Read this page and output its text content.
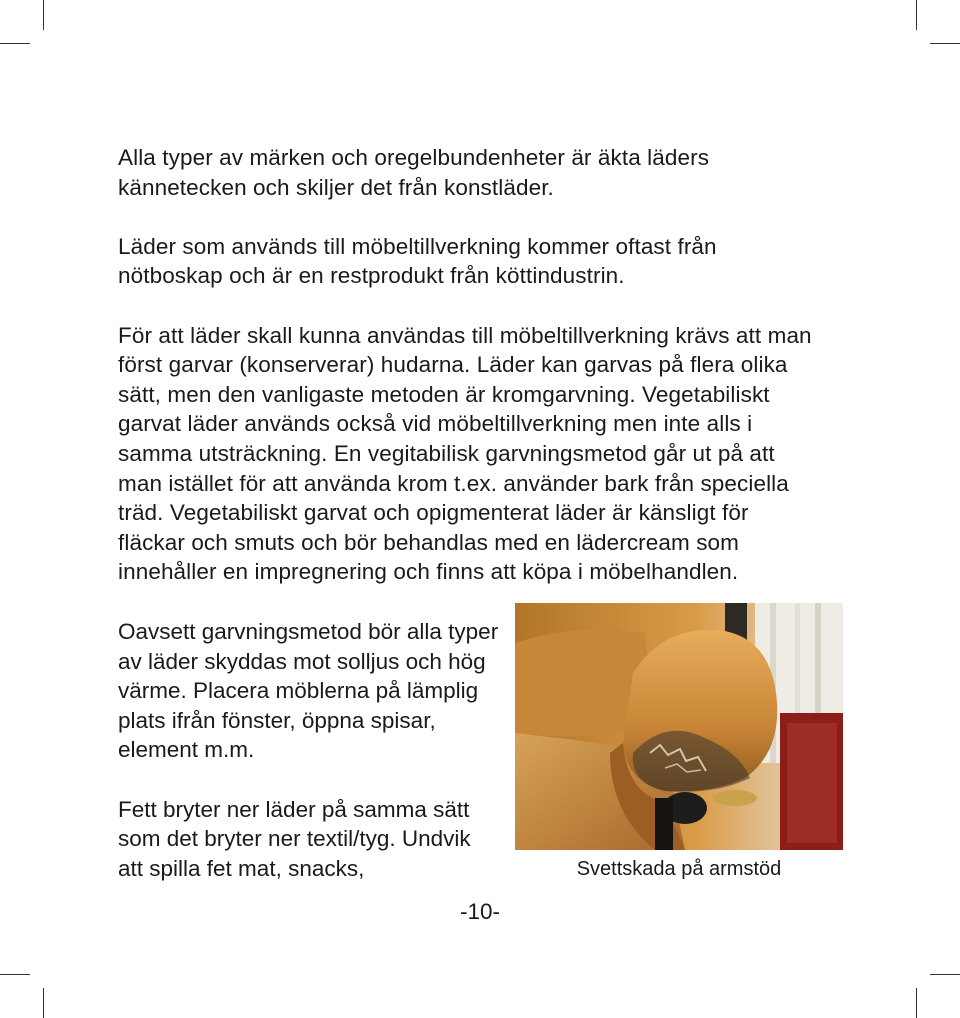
Alla typer av märken och oregelbundenheter är äkta läders kännetecken och skiljer det från konstläder.

Läder som används till möbeltillverkning kommer oftast från nötboskap och är en restprodukt från köttindustrin.

För att läder skall kunna användas till möbeltillverkning krävs att man först garvar (konserverar) hudarna. Läder kan garvas på flera olika sätt, men den vanligaste metoden är kromgarvning. Vegetabiliskt garvat läder används också vid möbeltillverkning men inte alls i samma utsträckning. En vegitabilisk garvningsmetod går ut på att man istället för att använda krom t.ex. använder bark från speciella träd. Vegetabiliskt garvat och opigmenterat läder är känsligt för fläckar och smuts och bör behandlas med en lädercream som innehåller en impregnering och finns att köpa i möbelhandlen.

Oavsett garvningsmetod bör alla typer av läder skyddas mot solljus och hög värme. Placera möblerna på lämplig plats ifrån fönster, öppna spisar, element m.m.

Fett bryter ner läder på samma sätt som det bryter ner textil/tyg. Undvik att spilla fet mat, snacks,	Svettskada på armstöd
-10-
